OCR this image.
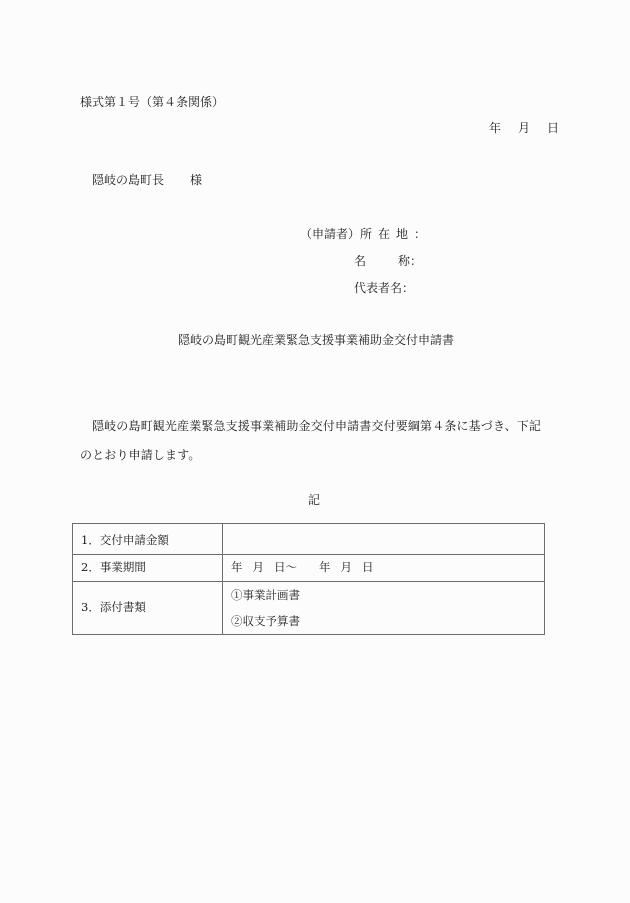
様式第１号（第４条関係）
年 月 日
隠岐の島町長 様
（申請者）所在地：
名	称：
代表者名：
隠岐の島町観光産業緊急支援事業補助金交付申請書
隠岐の島町観光産業緊急支援事業補助金交付申請書交付要綱第４条に基づき、下記のとおり申請します。
記
1．交付申請金額	
2．事業期間	年 月 日〜 年 月 日
3．添付書類	①事業計画書
②収支予算書
